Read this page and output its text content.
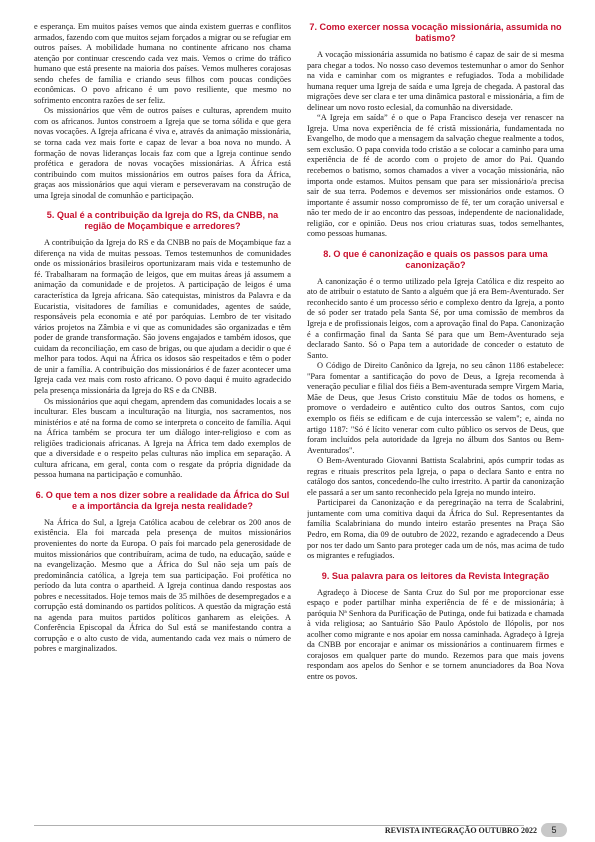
e esperança. Em muitos países vemos que ainda existem guerras e conflitos armados, fazendo com que muitos sejam forçados a migrar ou se refugiar em outros países. A mobilidade humana no continente africano nos chama atenção por continuar crescendo cada vez mais. Vemos o crime do tráfico humano que está presente na maioria dos países. Vemos mulheres corajosas sendo chefes de família e criando seus filhos com poucas condições econômicas. O povo africano é um povo resiliente, que mesmo no sofrimento encontra razões de ser feliz.

Os missionários que vêm de outros países e culturas, aprendem muito com os africanos. Juntos constroem a Igreja que se torna sólida e que gera novas vocações. A Igreja africana é viva e, através da animação missionária, se torna cada vez mais forte e capaz de levar a boa nova no mundo. A formação de novas lideranças locais faz com que a Igreja continue sendo profética e geradora de novas vocações missionárias. A África está contribuindo com muitos missionários em outros países fora da África, graças aos missionários que aqui vieram e perseveravam na construção de uma Igreja sinodal de comunhão e participação.

5. Qual é a contribuição da Igreja do RS, da CNBB, na região de Moçambique e arredores?

A contribuição da Igreja do RS e da CNBB no país de Moçambique faz a diferença na vida de muitas pessoas. Temos testemunhos de comunidades onde os missionários brasileiros oportunizaram mais vida e testemunho de fé. Trabalharam na formação de leigos, que em muitas áreas já assumem a animação da comunidade e de projetos. A participação de leigos é uma característica da Igreja africana. São catequistas, ministros da Palavra e da Eucaristia, visitadores de famílias e comunidades, agentes de saúde, responsáveis pela economia e até por paróquias. Lembro de ter visitado vários projetos na Zâmbia e vi que as comunidades são organizadas e têm poder de grande transformação. São jovens engajados e também idosos, que cuidam da reconciliação, em caso de brigas, ou que ajudam a decidir o que é melhor para todos. Aqui na África os idosos são respeitados e têm o poder de unir a família. A contribuição dos missionários é de fazer acontecer uma Igreja cada vez mais com rosto africano. O povo daqui é muito agradecido pela presença missionária da Igreja do RS e da CNBB.

Os missionários que aqui chegam, aprendem das comunidades locais a se inculturar. Eles buscam a inculturação na liturgia, nos sacramentos, nos ministérios e até na forma de como se interpreta o conceito de família. Aqui na África também se procura ter um diálogo inter-religioso e com as religiões tradicionais africanas. A Igreja na África tem dado exemplos de que a diversidade e o respeito pelas culturas não implica em separação. A cultura africana, em geral, conta com o resgate da própria dignidade da pessoa humana na participação e comunhão.

6. O que tem a nos dizer sobre a realidade da África do Sul e a importância da Igreja nesta realidade?

Na África do Sul, a Igreja Católica acabou de celebrar os 200 anos de existência. Ela foi marcada pela presença de muitos missionários provenientes do norte da Europa. O país foi marcado pela generosidade de muitos missionários que contribuíram, acima de tudo, na educação, saúde e na evangelização. Mesmo que a África do Sul não seja um país de predominância católica, a Igreja tem sua participação. Foi profética no período da luta contra o apartheid. A Igreja continua dando respostas aos pobres e necessitados. Hoje temos mais de 35 milhões de desempregados e a corrupção está dominando os partidos políticos. A questão da migração está na agenda para muitos partidos políticos ganharem as eleições. A Conferência Episcopal da África do Sul está se manifestando contra a corrupção e o alto custo de vida, aumentando cada vez mais o número de pobres e marginalizados.

7. Como exercer nossa vocação missionária, assumida no batismo?

A vocação missionária assumida no batismo é capaz de sair de si mesma para chegar a todos. No nosso caso devemos testemunhar o amor do Senhor na vida e caminhar com os migrantes e refugiados. Toda a mobilidade humana requer uma Igreja de saída e uma Igreja de chegada. A pastoral das migrações deve ser clara e ter uma dinâmica pastoral e missionária, a fim de delinear um novo rosto eclesial, da comunhão na diversidade.

“A Igreja em saída” é o que o Papa Francisco deseja ver renascer na Igreja. Uma nova experiência de fé cristã missionária, fundamentada no Evangelho, de modo que a mensagem da salvação chegue realmente a todos, sem exclusão. O papa convida todo cristão a se colocar a caminho para uma experiência de fé de acordo com o projeto de amor do Pai. Quando recebemos o batismo, somos chamados a viver a vocação missionária, não importa onde estamos. Muitos pensam que para ser missionário/a precisa sair de sua terra. Podemos e devemos ser missionários onde estamos. O importante é assumir nosso compromisso de fé, ter um coração universal e não ter medo de ir ao encontro das pessoas, independente de nacionalidade, religião, cor e opinião. Deus nos criou criaturas suas, todos semelhantes, como pessoas humanas.

8. O que é canonização e quais os passos para uma canonização?

A canonização é o termo utilizado pela Igreja Católica e diz respeito ao ato de atribuir o estatuto de Santo a alguém que já era Bem-Aventurado. Ser reconhecido santo é um processo sério e complexo dentro da Igreja, a ponto de só poder ser tratado pela Santa Sé, por uma comissão de membros da Igreja e de profissionais leigos, com a aprovação final do Papa. Canonização é a confirmação final da Santa Sé para que um Bem-Aventurado seja declarado Santo. Só o Papa tem a autoridade de conceder o estatuto de Santo.

O Código de Direito Canônico da Igreja, no seu cânon 1186 estabelece: "Para fomentar a santificação do povo de Deus, a Igreja recomenda à veneração peculiar e filial dos fiéis a Bem-aventurada sempre Virgem Maria, Mãe de Deus, que Jesus Cristo constituiu Mãe de todos os homens, e promove o verdadeiro e autêntico culto dos outros Santos, com cujo exemplo os fiéis se edificam e de cuja intercessão se valem"; e, ainda no artigo 1187: "Só é lícito venerar com culto público os servos de Deus, que foram incluídos pela autoridade da Igreja no álbum dos Santos ou Bem-Aventurados".

O Bem-Aventurado Giovanni Battista Scalabrini, após cumprir todas as regras e rituais prescritos pela Igreja, o papa o declara Santo e entra no catálogo dos santos, concedendo-lhe culto irrestrito. A partir da canonização ele passará a ser um santo reconhecido pela Igreja no mundo inteiro.

Participarei da Canonização e da peregrinação na terra de Scalabrini, juntamente com uma comitiva daqui da África do Sul. Representantes da família Scalabriniana do mundo inteiro estarão presentes na Praça São Pedro, em Roma, dia 09 de outubro de 2022, rezando e agradecendo a Deus por nos ter dado um Santo para proteger cada um de nós, mas acima de tudo os migrantes e refugiados.

9. Sua palavra para os leitores da Revista Integração

Agradeço à Diocese de Santa Cruz do Sul por me proporcionar esse espaço e poder partilhar minha experiência de fé e de missionária; à paróquia Nª Senhora da Purificação de Putinga, onde fui batizada e chamada à vida religiosa; ao Santuário São Paulo Apóstolo de Ilópolis, por nos acolher como migrante e nos apoiar em nossa caminhada. Agradeço à Igreja da CNBB por encorajar e animar os missionários a continuarem firmes e corajosos em qualquer parte do mundo. Rezemos para que mais jovens respondam aos apelos do Senhor e se tornem anunciadores da Boa Nova entre os povos.

REVISTA INTEGRAÇÃO OUTUBRO 2022	5
